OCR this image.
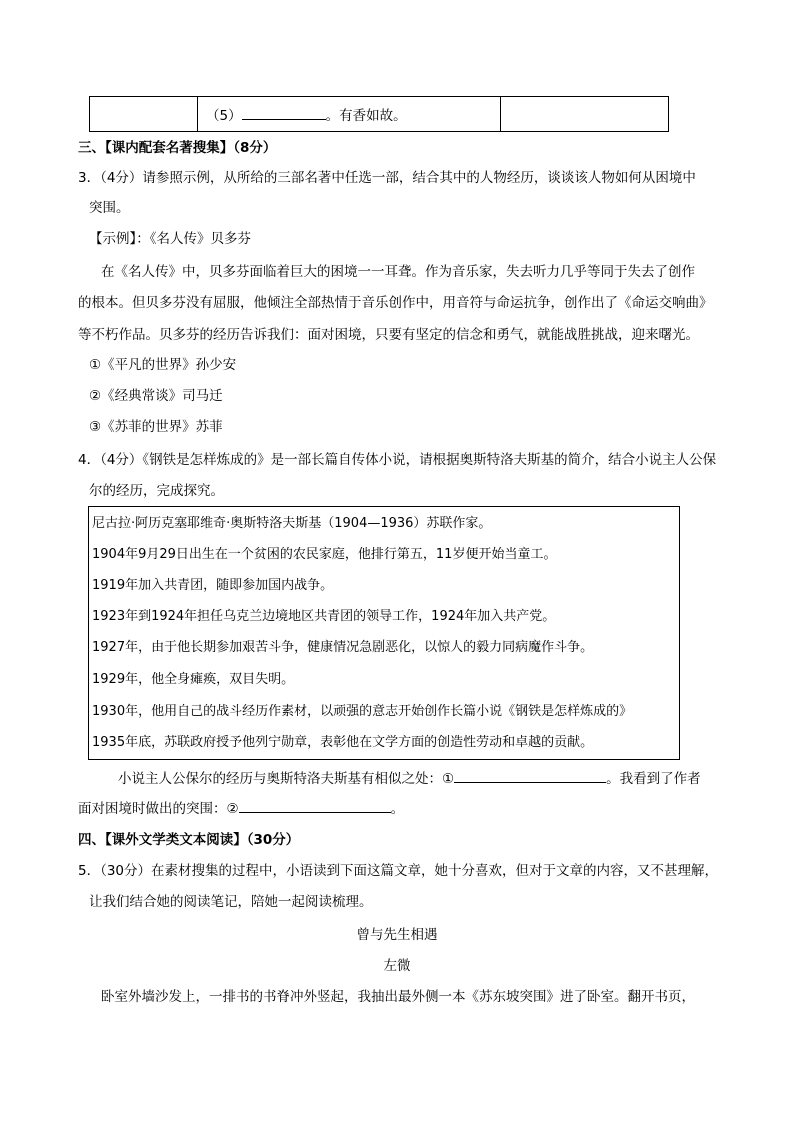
	（5）	。有香如故。	
三、【课内配套名著搜集】（8分）
3．（4分）请参照示例，从所给的三部名著中任选一部，结合其中的人物经历，谈谈该人物如何从困境中
突围。
【示例】：《名人传》贝多芬
在《名人传》中，贝多芬面临着巨大的困境一一耳聋。作为音乐家，失去听力几乎等同于失去了创作
的根本。但贝多芬没有屈服，他倾注全部热情于音乐创作中，用音符与命运抗争，创作出了《命运交响曲》
等不朽作品。贝多芬的经历告诉我们：面对困境，只要有坚定的信念和勇气，就能战胜挑战，迎来曙光。
①《平凡的世界》孙少安
②《经典常谈》司马迁
③《苏菲的世界》苏菲
4．（4分）《钢铁是怎样炼成的》是一部长篇自传体小说，请根据奥斯特洛夫斯基的简介，结合小说主人公保
尔的经历，完成探究。
尼古拉·阿历克塞耶维奇·奥斯特洛夫斯基（1904—1936）苏联作家。
1904年9月29日出生在一个贫困的农民家庭，他排行第五，11岁便开始当童工。
1919年加入共青团，随即参加国内战争。
1923年到1924年担任乌克兰边境地区共青团的领导工作，1924年加入共产党。
1927年，由于他长期参加艰苦斗争，健康情况急剧恶化，以惊人的毅力同病魔作斗争。
1929年，他全身瘫痪，双目失明。
1930年，他用自己的战斗经历作素材，以顽强的意志开始创作长篇小说《钢铁是怎样炼成的》
1935年底，苏联政府授予他列宁勋章，表彰他在文学方面的创造性劳动和卓越的贡献。
小说主人公保尔的经历与奥斯特洛夫斯基有相似之处：①	。我看到了作者
面对困境时做出的突围：②	。
四、【课外文学类文本阅读】（30分）
5．（30分）在素材搜集的过程中，小语读到下面这篇文章，她十分喜欢，但对于文章的内容，又不甚理解，
让我们结合她的阅读笔记，陪她一起阅读梳理。
曾与先生相遇
左微
卧室外墙沙发上，一排书的书脊冲外竖起，我抽出最外侧一本《苏东坡突围》进了卧室。翻开书页，
